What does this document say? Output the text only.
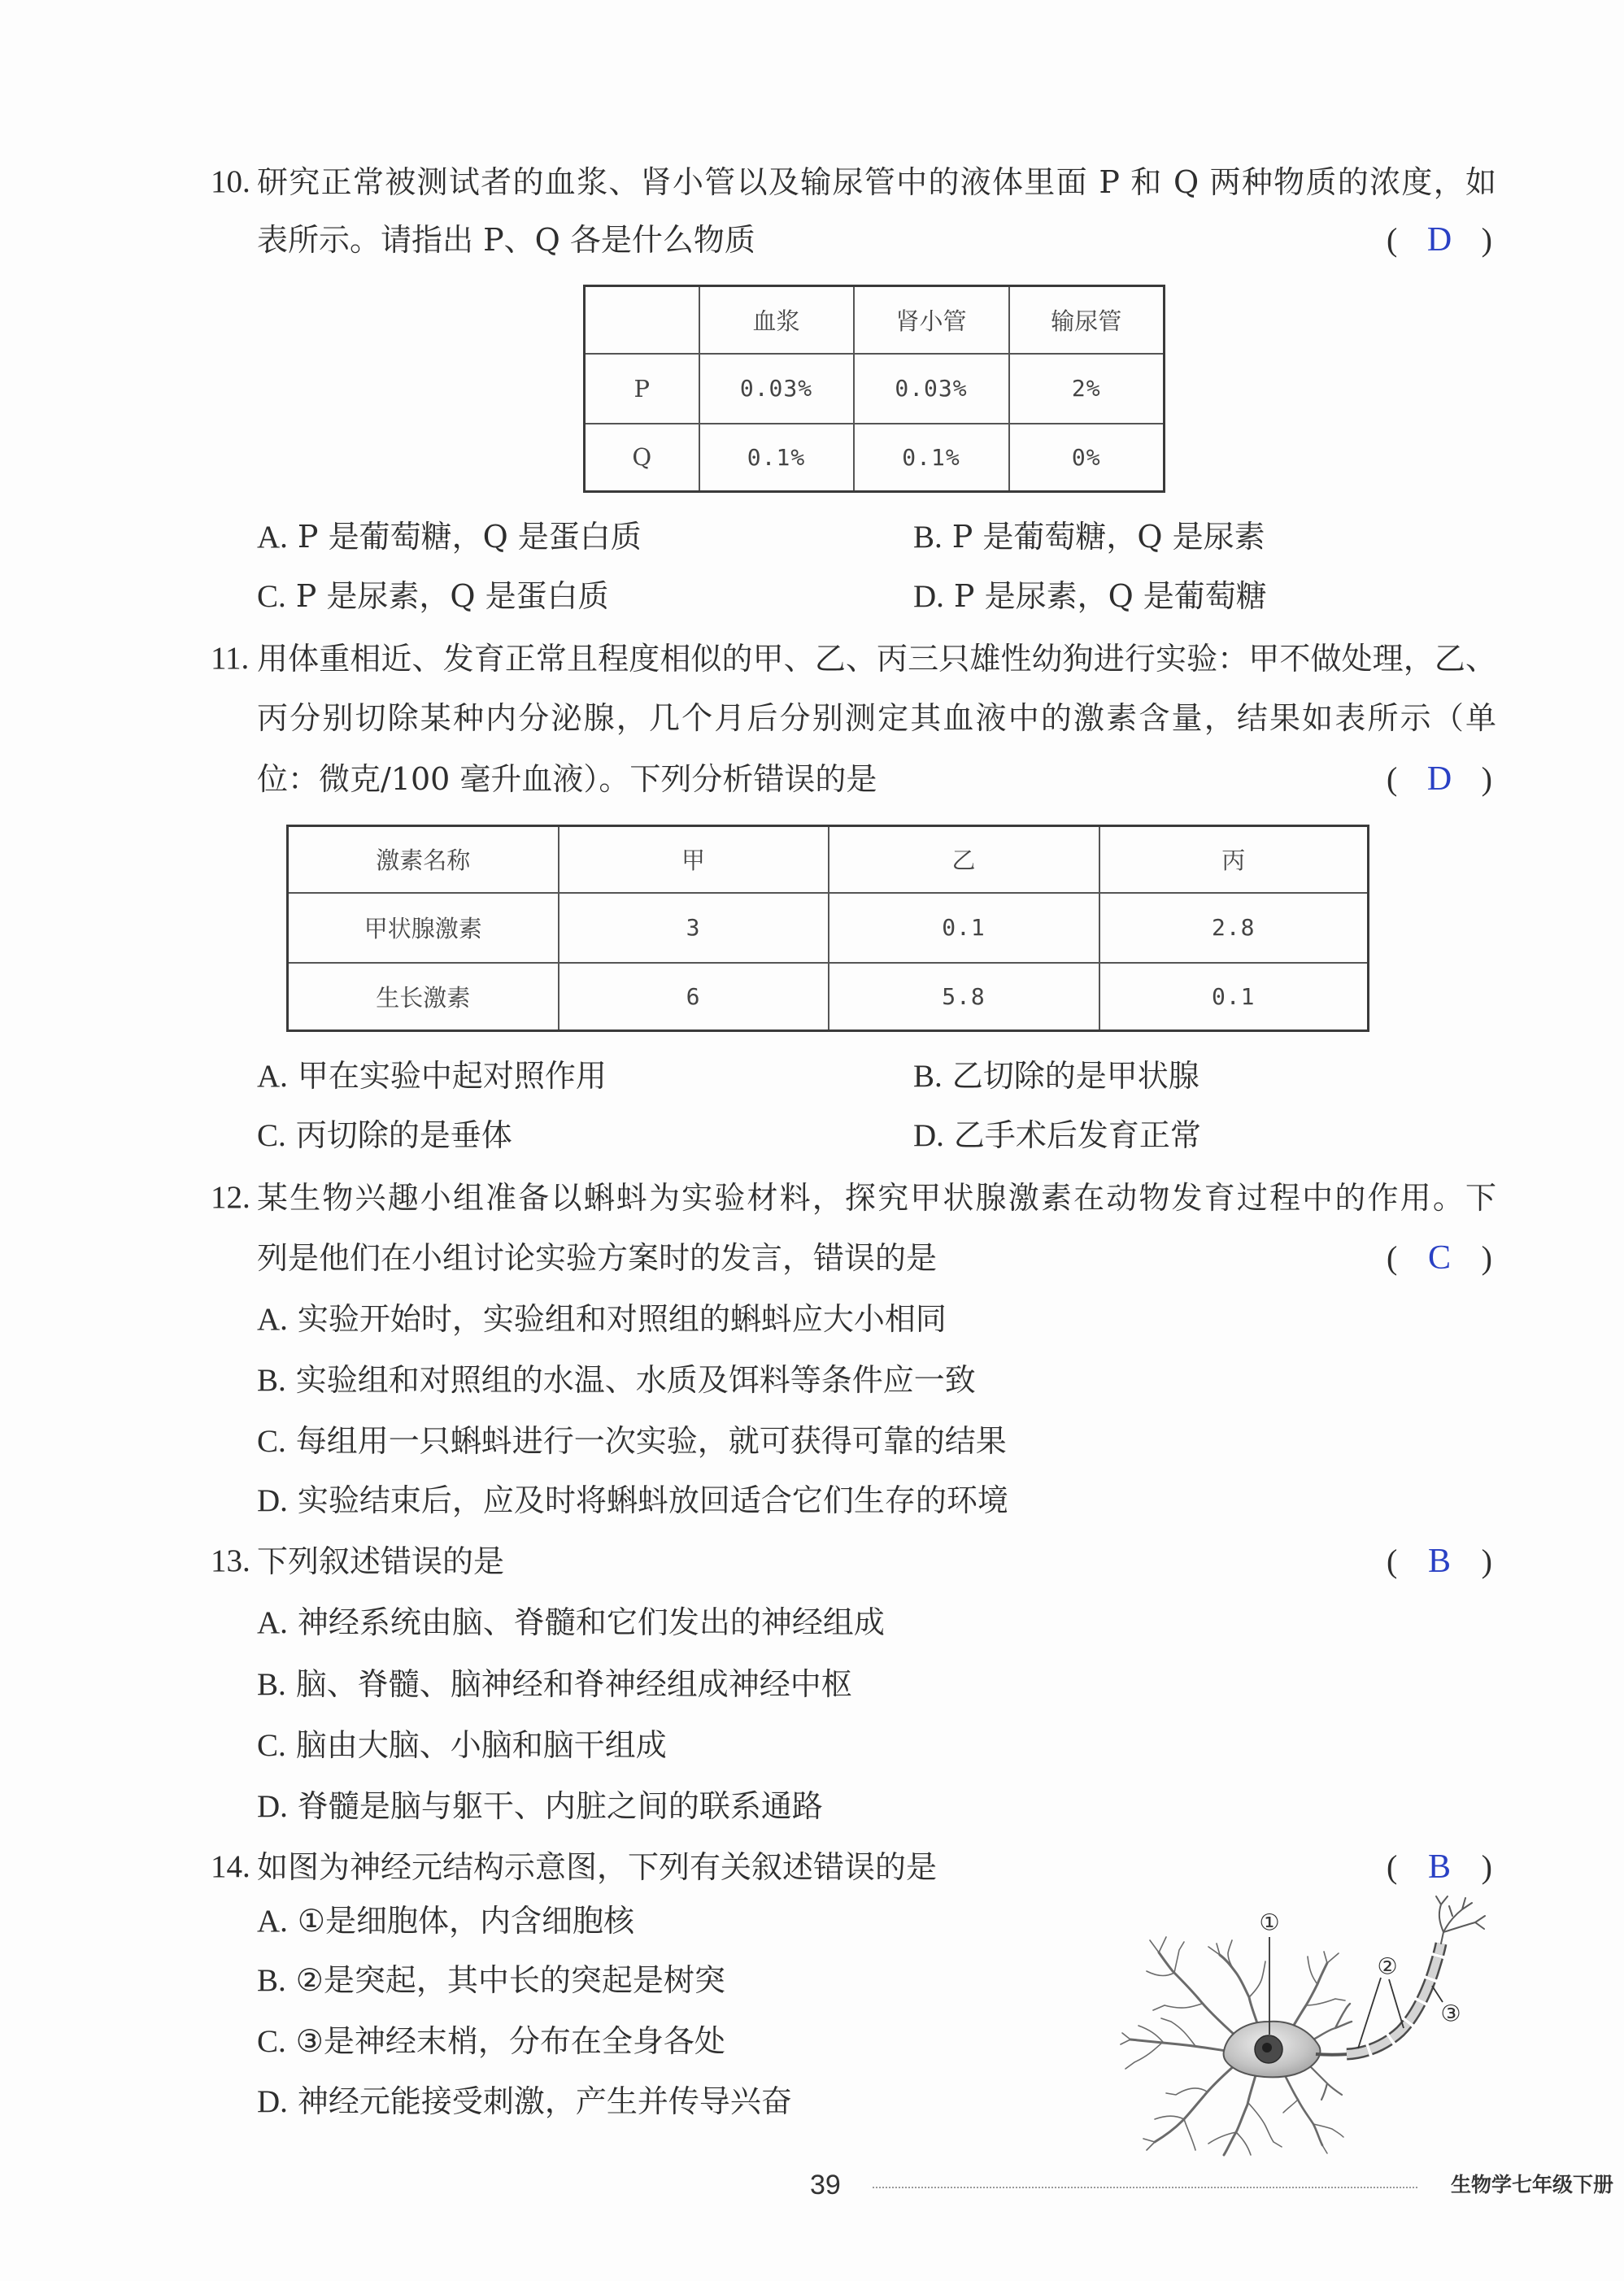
10. 研究正常被测试者的血浆、肾小管以及输尿管中的液体里面 P 和 Q 两种物质的浓度，如
表所示。请指出 P、Q 各是什么物质	( D )
	血浆	肾小管	输尿管
P	0.03%	0.03%	2%
Q	0.1%	0.1%	0%
A. P 是葡萄糖，Q 是蛋白质	B. P 是葡萄糖，Q 是尿素
C. P 是尿素，Q 是蛋白质	D. P 是尿素，Q 是葡萄糖
11. 用体重相近、发育正常且程度相似的甲、乙、丙三只雄性幼狗进行实验：甲不做处理，乙、
丙分别切除某种内分泌腺，几个月后分别测定其血液中的激素含量，结果如表所示（单
位：微克/100 毫升血液）。下列分析错误的是	( D )
激素名称	甲	乙	丙
甲状腺激素	3	0.1	2.8
生长激素	6	5.8	0.1
A. 甲在实验中起对照作用	B. 乙切除的是甲状腺
C. 丙切除的是垂体	D. 乙手术后发育正常
12. 某生物兴趣小组准备以蝌蚪为实验材料，探究甲状腺激素在动物发育过程中的作用。下
列是他们在小组讨论实验方案时的发言，错误的是	( C )
A. 实验开始时，实验组和对照组的蝌蚪应大小相同
B. 实验组和对照组的水温、水质及饵料等条件应一致
C. 每组用一只蝌蚪进行一次实验，就可获得可靠的结果
D. 实验结束后，应及时将蝌蚪放回适合它们生存的环境
13. 下列叙述错误的是	( B )
A. 神经系统由脑、脊髓和它们发出的神经组成
B. 脑、脊髓、脑神经和脊神经组成神经中枢
C. 脑由大脑、小脑和脑干组成
D. 脊髓是脑与躯干、内脏之间的联系通路
14. 如图为神经元结构示意图，下列有关叙述错误的是	( B )
A. ①是细胞体，内含细胞核
B. ②是突起，其中长的突起是树突
C. ③是神经末梢，分布在全身各处
D. 神经元能接受刺激，产生并传导兴奋
①
②
③
39	生物学七年级下册
